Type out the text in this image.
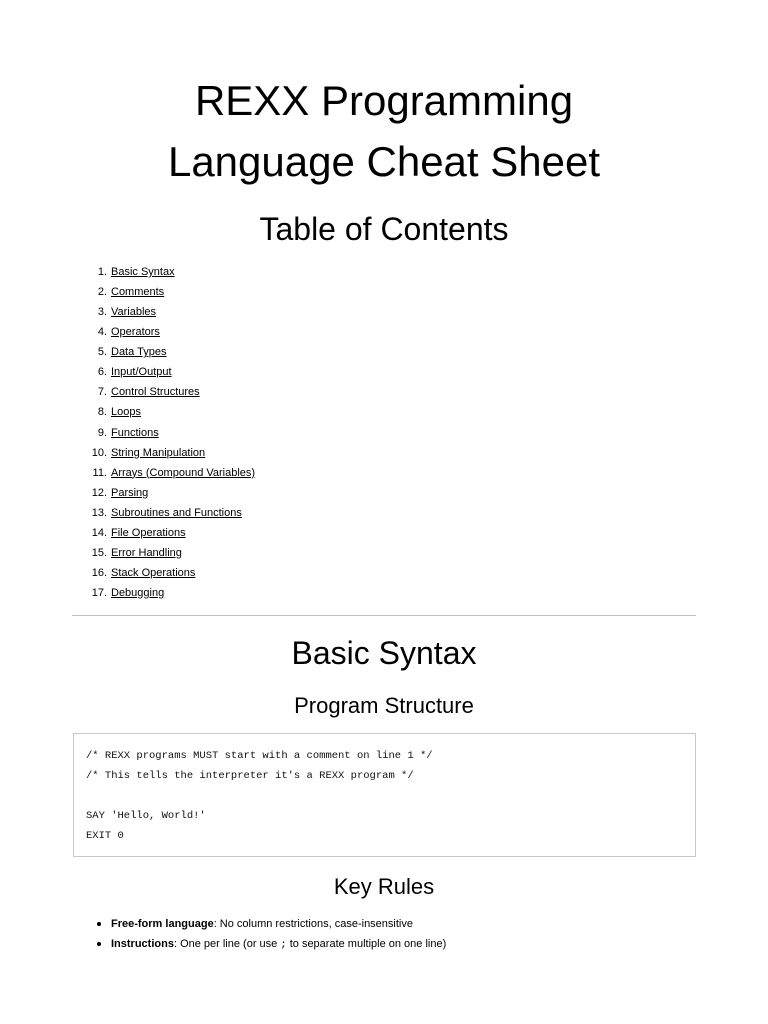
REXX Programming
Language Cheat Sheet
Table of Contents
1. Basic Syntax
2. Comments
3. Variables
4. Operators
5. Data Types
6. Input/Output
7. Control Structures
8. Loops
9. Functions
10. String Manipulation
11. Arrays (Compound Variables)
12. Parsing
13. Subroutines and Functions
14. File Operations
15. Error Handling
16. Stack Operations
17. Debugging
Basic Syntax
Program Structure
/* REXX programs MUST start with a comment on line 1 */
/* This tells the interpreter it's a REXX program */
SAY 'Hello, World!'
EXIT 0
Key Rules
Free-form language: No column restrictions, case-insensitive
Instructions: One per line (or use ; to separate multiple on one line)
